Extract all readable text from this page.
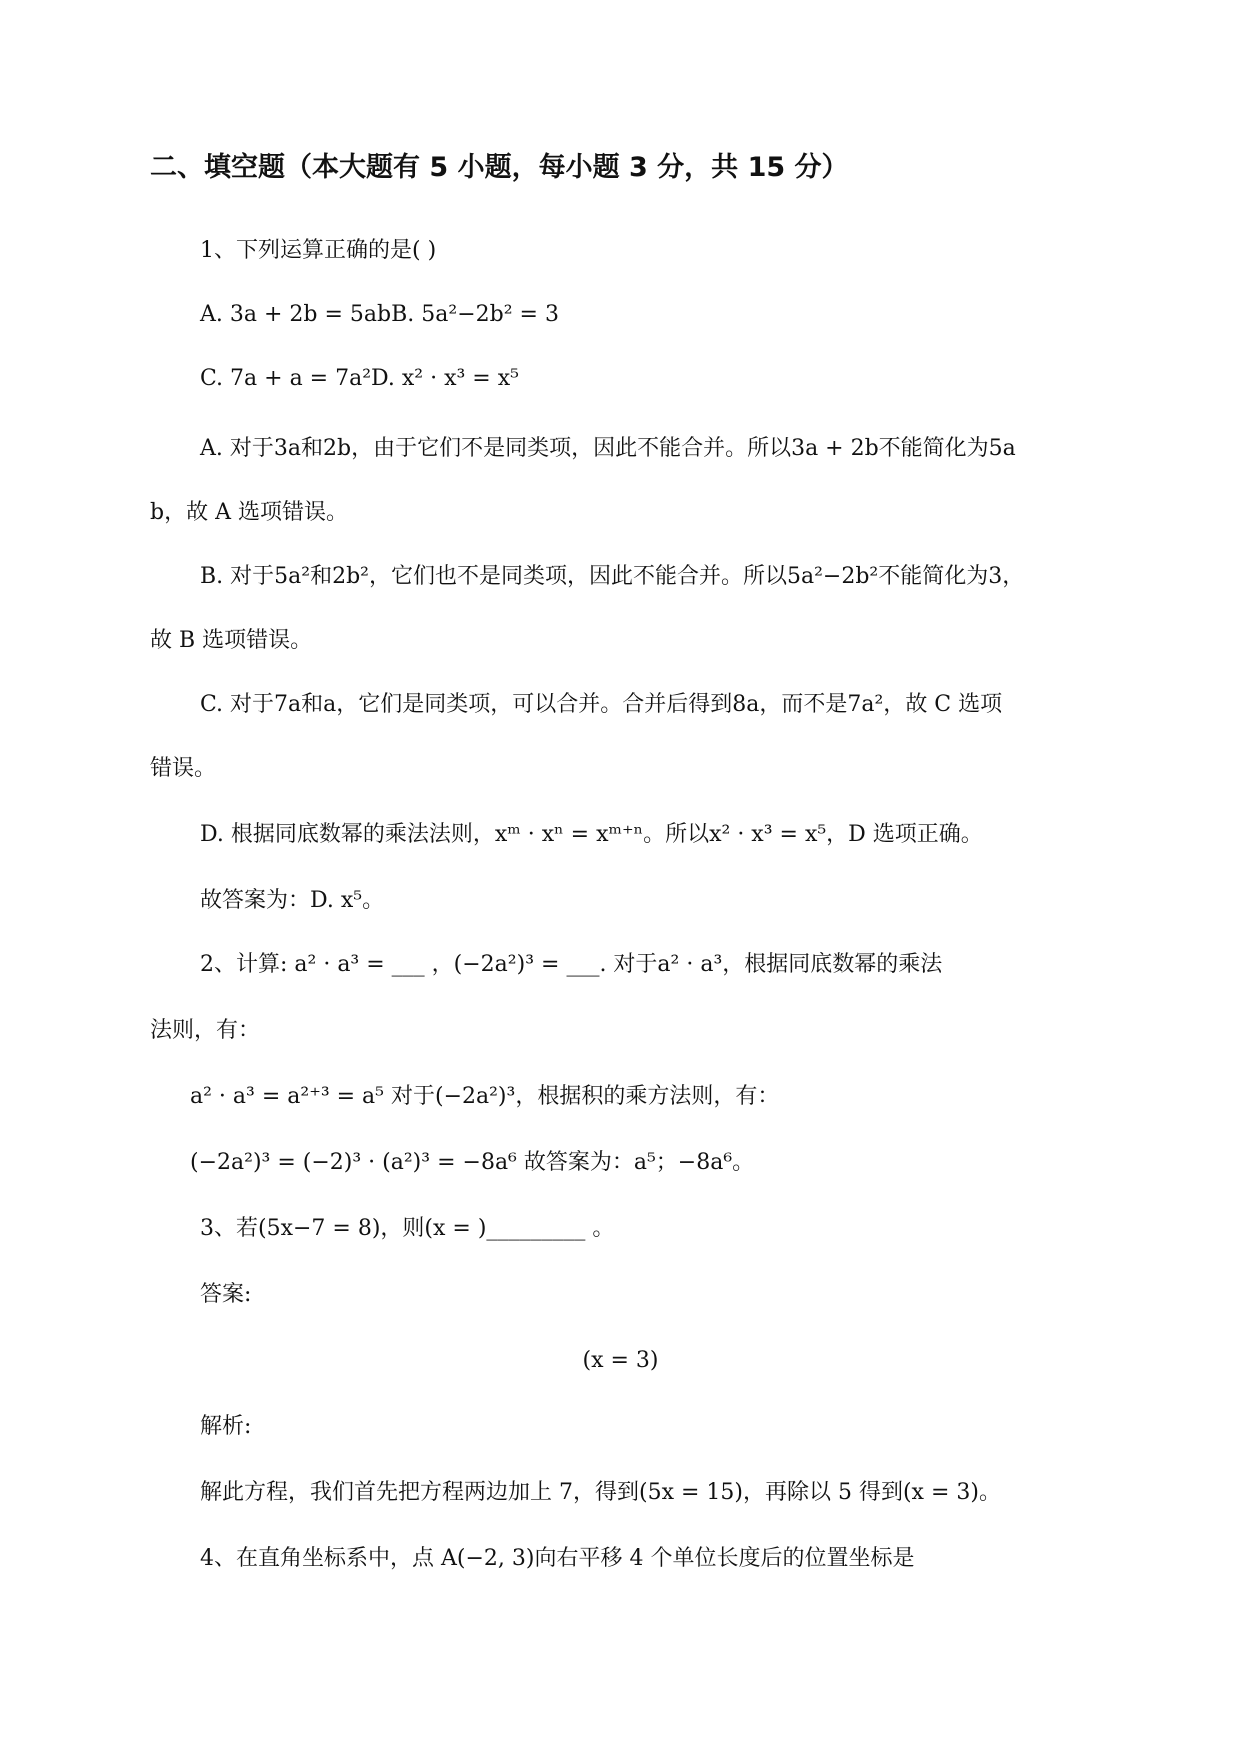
二、填空题（本大题有 5 小题，每小题 3 分，共 15 分）
1、下列运算正确的是( )
A. 3a + 2b = 5abB. 5a²−2b² = 3
C. 7a + a = 7a²D. x² · x³ = x⁵
A. 对于3a和2b，由于它们不是同类项，因此不能合并。所以3a + 2b不能简化为5a
b，故 A 选项错误。
B. 对于5a²和2b²，它们也不是同类项，因此不能合并。所以5a²−2b²不能简化为3，
故 B 选项错误。
C. 对于7a和a，它们是同类项，可以合并。合并后得到8a，而不是7a²，故 C 选项
错误。
D. 根据同底数幂的乘法法则，xᵐ · xⁿ = xᵐ⁺ⁿ。所以x² · x³ = x⁵，D 选项正确。
故答案为：D. x⁵。
2、计算: a² · a³ = ___ ，(−2a²)³ = ___. 对于a² · a³，根据同底数幂的乘法
法则，有：
a² · a³ = a²⁺³ = a⁵ 对于(−2a²)³，根据积的乘方法则，有：
(−2a²)³ = (−2)³ · (a²)³ = −8a⁶ 故答案为：a⁵；−8a⁶。
3、若(5x−7 = 8)，则(x = )_________ 。
答案:
(x = 3)
解析:
解此方程，我们首先把方程两边加上 7，得到(5x = 15)，再除以 5 得到(x = 3)。
4、在直角坐标系中，点 A(−2, 3)向右平移 4 个单位长度后的位置坐标是
